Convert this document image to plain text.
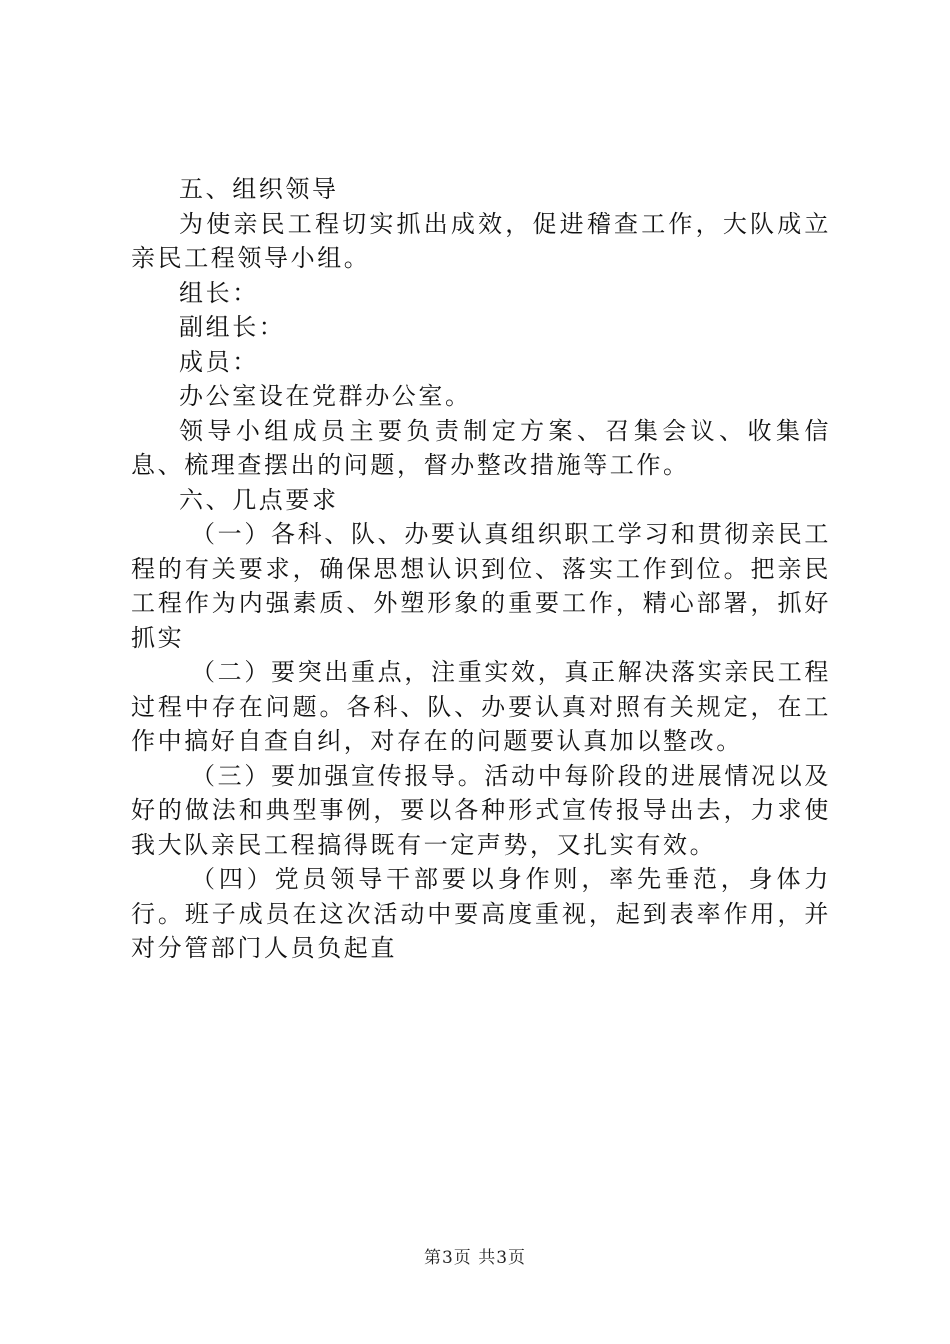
五、组织领导

为使亲民工程切实抓出成效，促进稽查工作，大队成立亲民工程领导小组。

组长：

副组长：

成员：

办公室设在党群办公室。

领导小组成员主要负责制定方案、召集会议、收集信息、梳理查摆出的问题，督办整改措施等工作。

六、几点要求

（一）各科、队、办要认真组织职工学习和贯彻亲民工程的有关要求，确保思想认识到位、落实工作到位。把亲民工程作为内强素质、外塑形象的重要工作，精心部署，抓好抓实

（二）要突出重点，注重实效，真正解决落实亲民工程过程中存在问题。各科、队、办要认真对照有关规定，在工作中搞好自查自纠，对存在的问题要认真加以整改。

（三）要加强宣传报导。活动中每阶段的进展情况以及好的做法和典型事例，要以各种形式宣传报导出去，力求使我大队亲民工程搞得既有一定声势，又扎实有效。

（四）党员领导干部要以身作则，率先垂范，身体力行。班子成员在这次活动中要高度重视，起到表率作用，并对分管部门人员负起直

第3页 共3页
